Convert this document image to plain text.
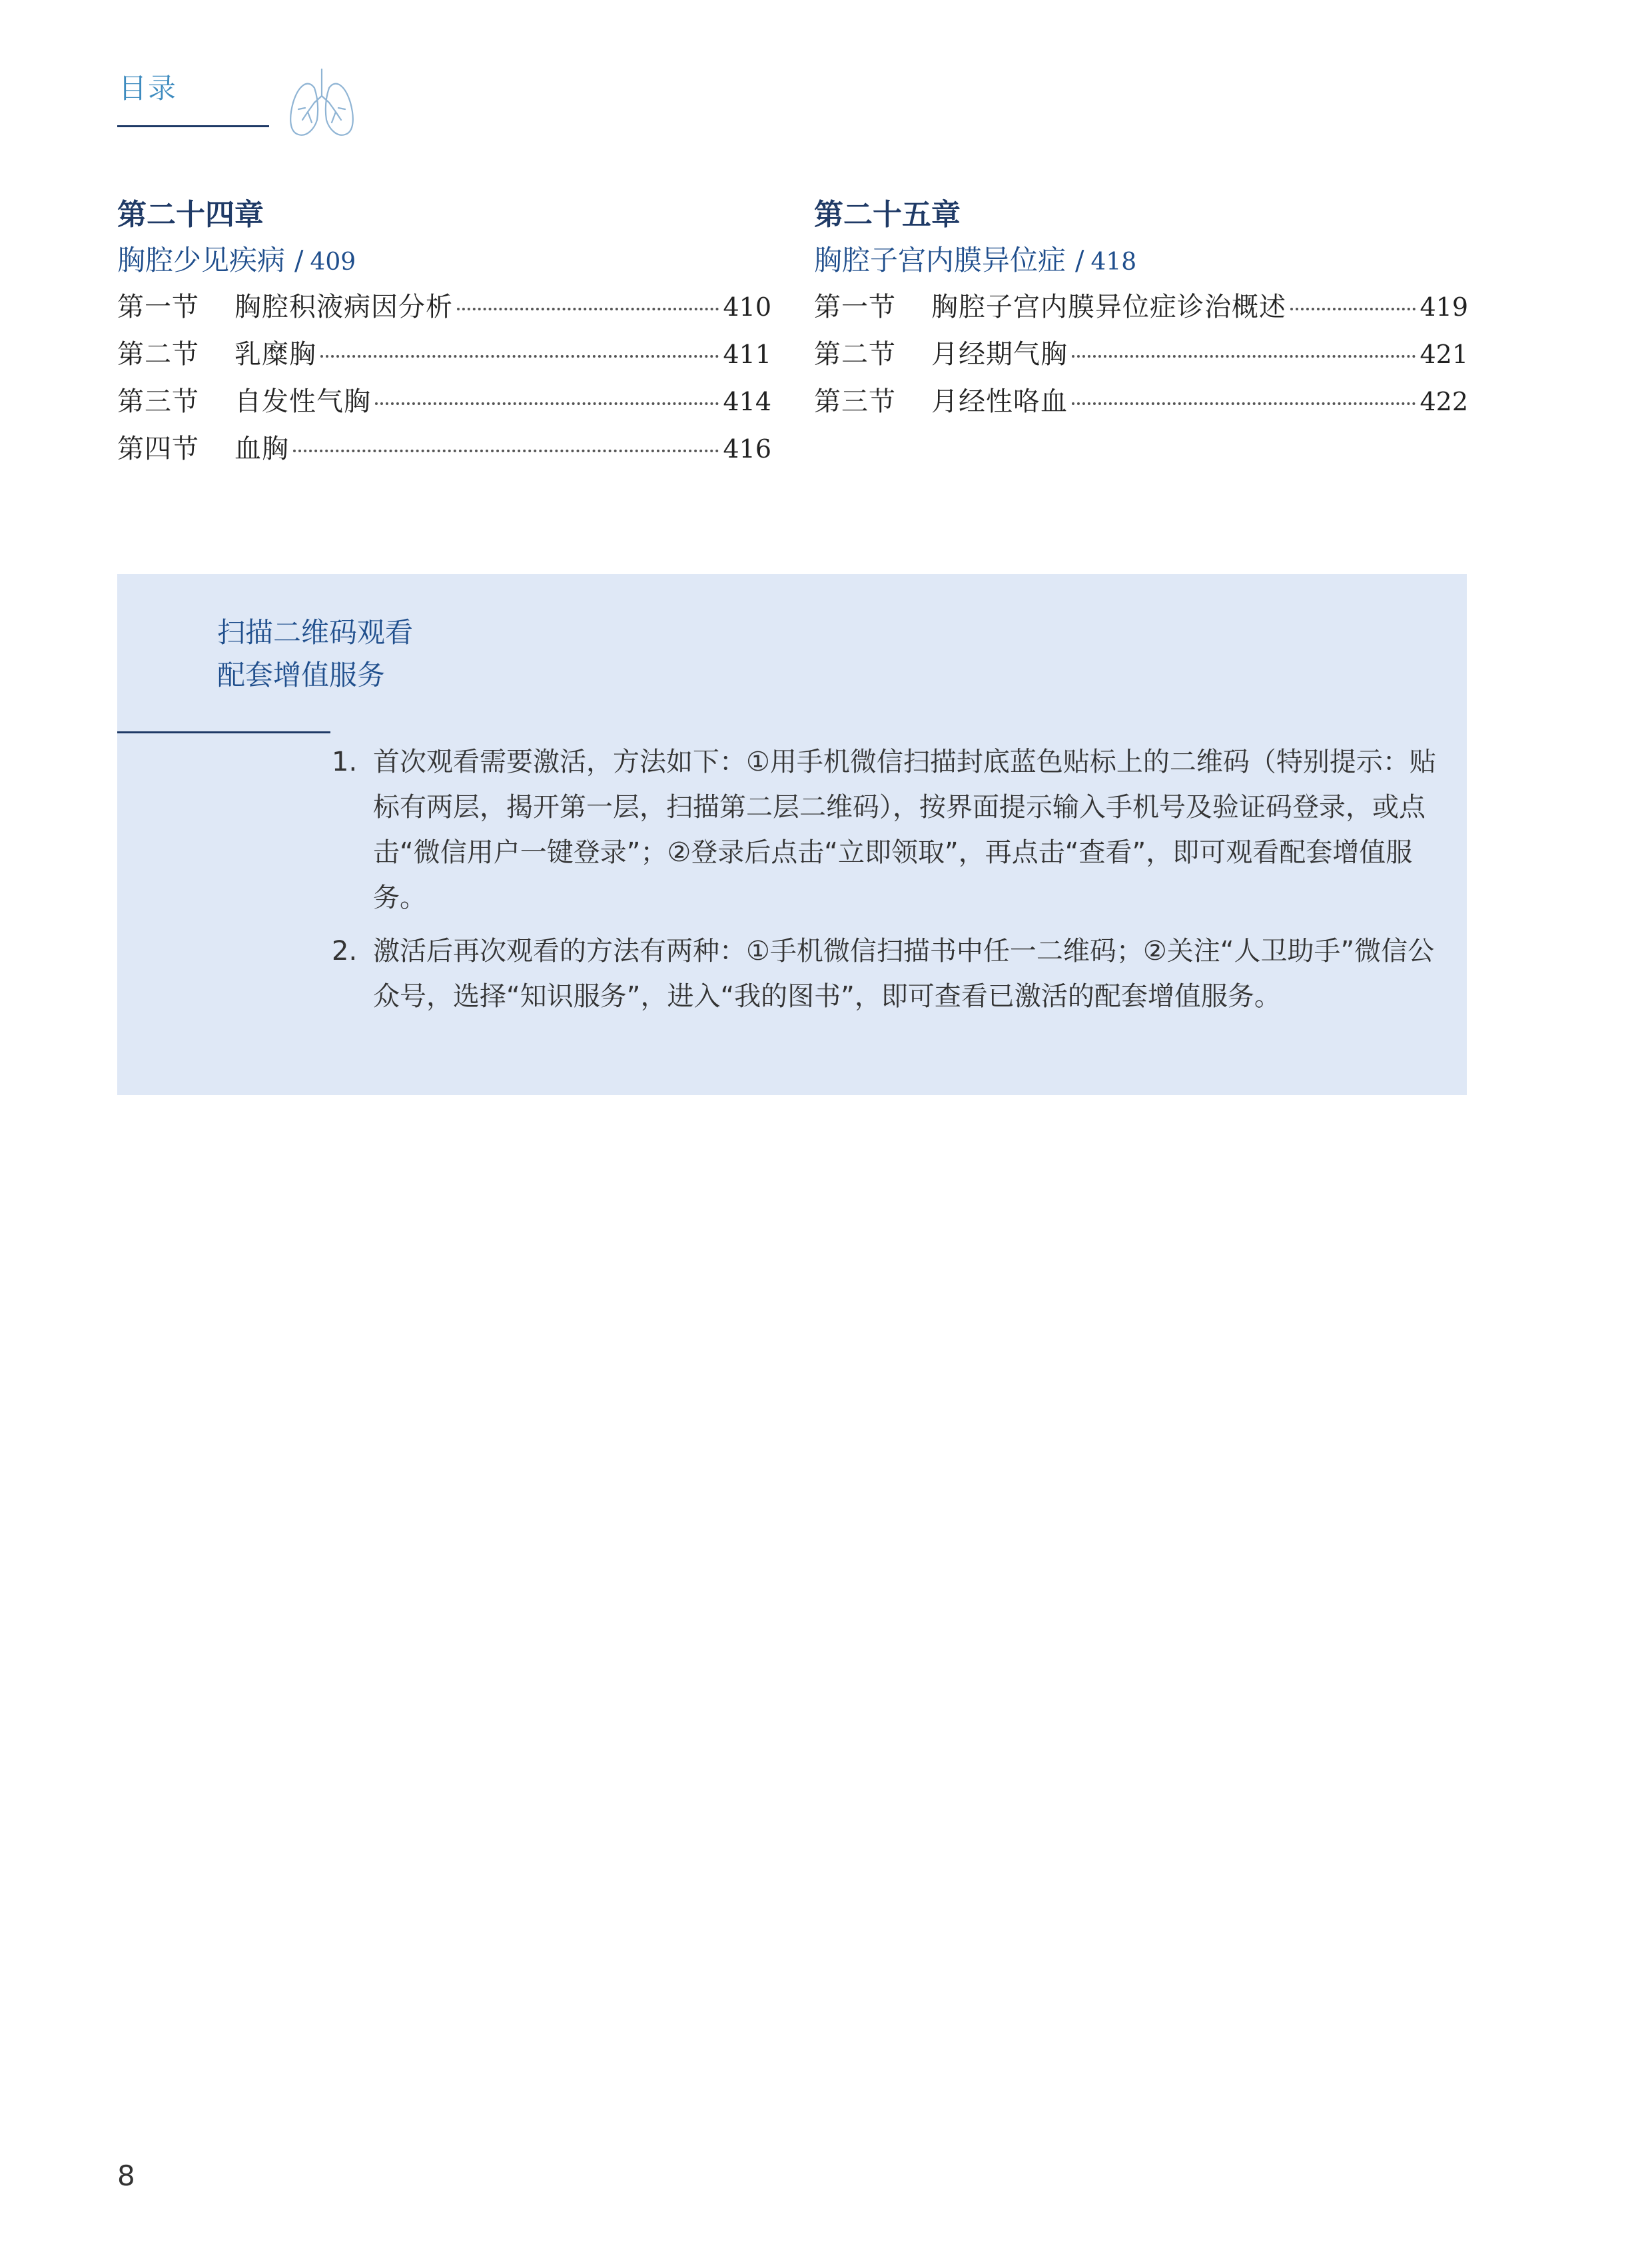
目录
第二十四章
胸腔少见疾病 / 409
第一节	胸腔积液病因分析	410
第二节	乳糜胸	411
第三节	自发性气胸	414
第四节	血胸	416
第二十五章
胸腔子宫内膜异位症 / 418
第一节	胸腔子宫内膜异位症诊治概述	419
第二节	月经期气胸	421
第三节	月经性咯血	422
扫描二维码观看
配套增值服务
1. 首次观看需要激活，方法如下：①用手机微信扫描封底蓝色贴标上的二维码（特别提示：贴标有两层，揭开第一层，扫描第二层二维码），按界面提示输入手机号及验证码登录，或点击“微信用户一键登录”；②登录后点击“立即领取”，再点击“查看”，即可观看配套增值服务。
2. 激活后再次观看的方法有两种：①手机微信扫描书中任一二维码；②关注“人卫助手”微信公众号，选择“知识服务”，进入“我的图书”，即可查看已激活的配套增值服务。
8
